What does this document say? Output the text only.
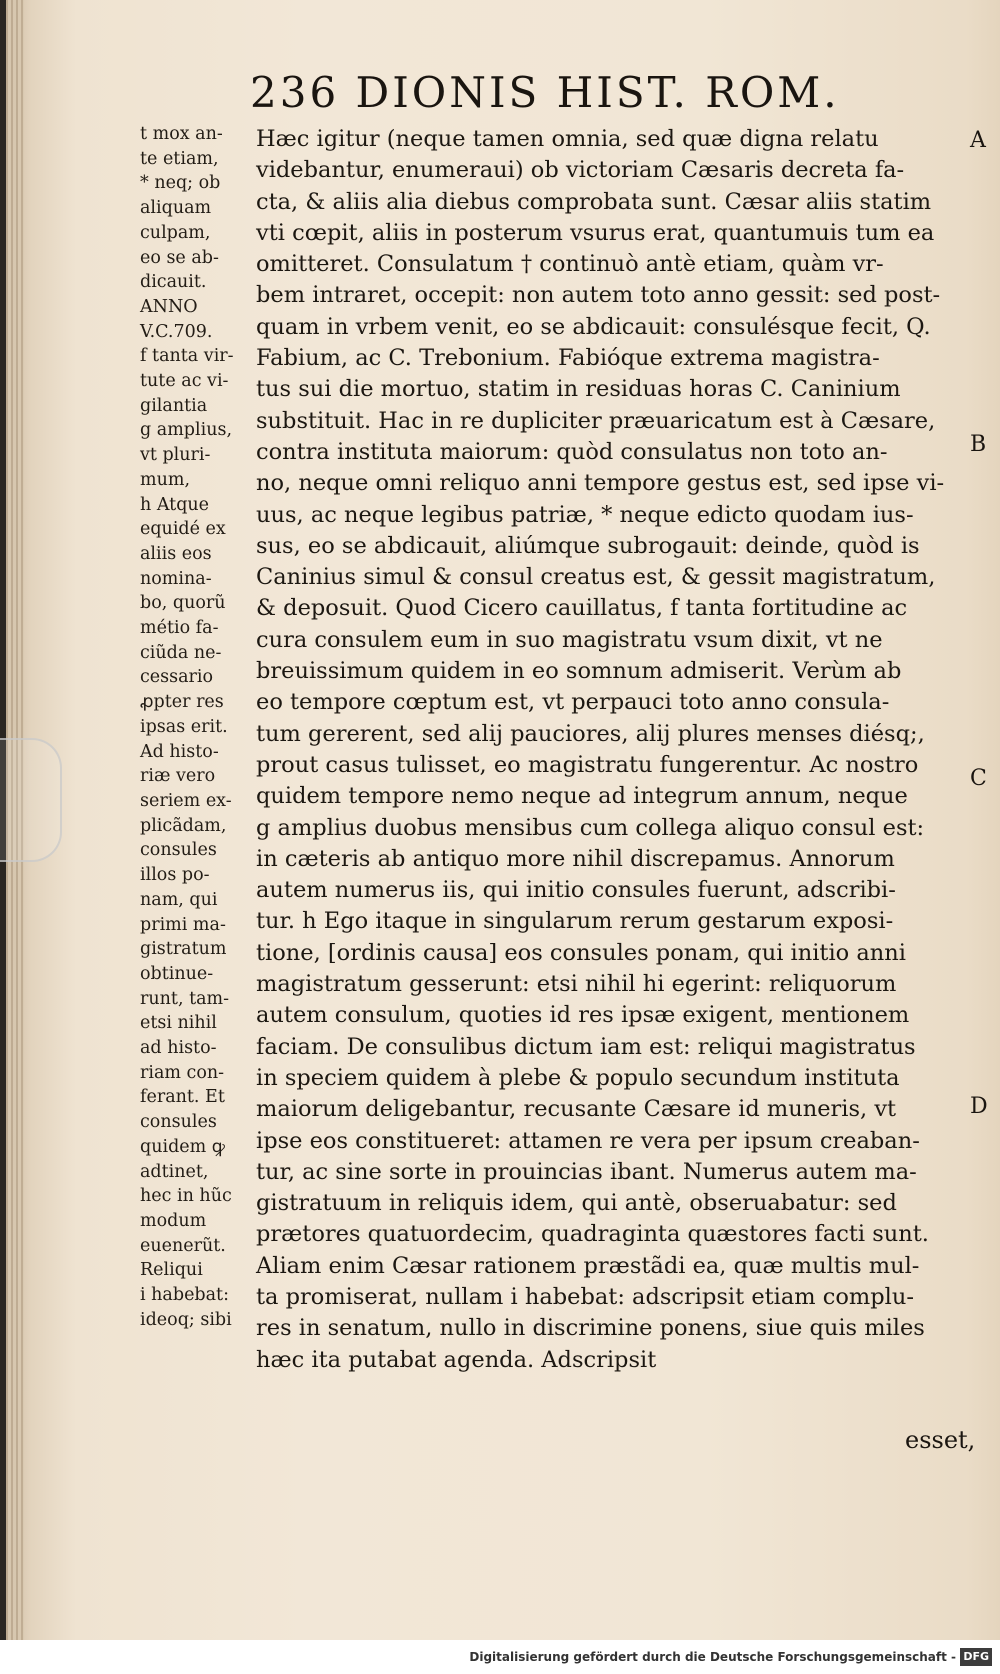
236 DIONIS HIST. ROM.
t mox an-
te etiam,
* neq; ob
aliquam
culpam,
eo se ab-
dicauit.
ANNO
V.C.709.
f tanta vir-
tute ac vi-
gilantia
g amplius,
vt pluri-
mum,
h Atque
equidé ex
aliis eos
nomina-
bo, quorũ
métio fa-
ciũda ne-
cessario
ꝓpter res
ipsas erit.
Ad histo-
riæ vero
seriem ex-
plicãdam,
consules
illos po-
nam, qui
primi ma-
gistratum
obtinue-
runt, tam-
etsi nihil
ad histo-
riam con-
ferant. Et
consules
quidem ꝙ
adtinet,
hec in hũc
modum
euenerũt.
Reliqui
i habebat:
ideoq; sibi
Hæc igitur (neque tamen omnia, sed quæ digna relatu
videbantur, enumeraui) ob victoriam Cæsaris decreta fa-
cta, & aliis alia diebus comprobata sunt. Cæsar aliis statim
vti cœpit, aliis in posterum vsurus erat, quantumuis tum ea
omitteret. Consulatum † continuò antè etiam, quàm vr-
bem intraret, occepit: non autem toto anno gessit: sed post-
quam in vrbem venit, eo se abdicauit: consulésque fecit, Q.
Fabium, ac C. Trebonium. Fabióque extrema magistra-
tus sui die mortuo, statim in residuas horas C. Caninium
substituit. Hac in re dupliciter præuaricatum est à Cæsare,
contra instituta maiorum: quòd consulatus non toto an-
no, neque omni reliquo anni tempore gestus est, sed ipse vi-
uus, ac neque legibus patriæ, * neque edicto quodam ius-
sus, eo se abdicauit, aliúmque subrogauit: deinde, quòd is
Caninius simul & consul creatus est, & gessit magistratum,
& deposuit. Quod Cicero cauillatus, f tanta fortitudine ac
cura consulem eum in suo magistratu vsum dixit, vt ne
breuissimum quidem in eo somnum admiserit. Verùm ab
eo tempore cœptum est, vt perpauci toto anno consula-
tum gererent, sed alij pauciores, alij plures menses diésq;,
prout casus tulisset, eo magistratu fungerentur. Ac nostro
quidem tempore nemo neque ad integrum annum, neque
g amplius duobus mensibus cum collega aliquo consul est:
in cæteris ab antiquo more nihil discrepamus. Annorum
autem numerus iis, qui initio consules fuerunt, adscribi-
tur. h Ego itaque in singularum rerum gestarum exposi-
tione, [ordinis causa] eos consules ponam, qui initio anni
magistratum gesserunt: etsi nihil hi egerint: reliquorum
autem consulum, quoties id res ipsæ exigent, mentionem
faciam. De consulibus dictum iam est: reliqui magistratus
in speciem quidem à plebe & populo secundum instituta
maiorum deligebantur, recusante Cæsare id muneris, vt
ipse eos constitueret: attamen re vera per ipsum creaban-
tur, ac sine sorte in prouincias ibant. Numerus autem ma-
gistratuum in reliquis idem, qui antè, obseruabatur: sed
prætores quatuordecim, quadraginta quæstores facti sunt.
Aliam enim Cæsar rationem præstãdi ea, quæ multis mul-
ta promiserat, nullam i habebat: adscripsit etiam complu-
res in senatum, nullo in discrimine ponens, siue quis miles
hæc ita putabat agenda. Adscripsit
A
B
C
D
esset,
Digitalisierung gefördert durch die Deutsche Forschungsgemeinschaft - DFG
